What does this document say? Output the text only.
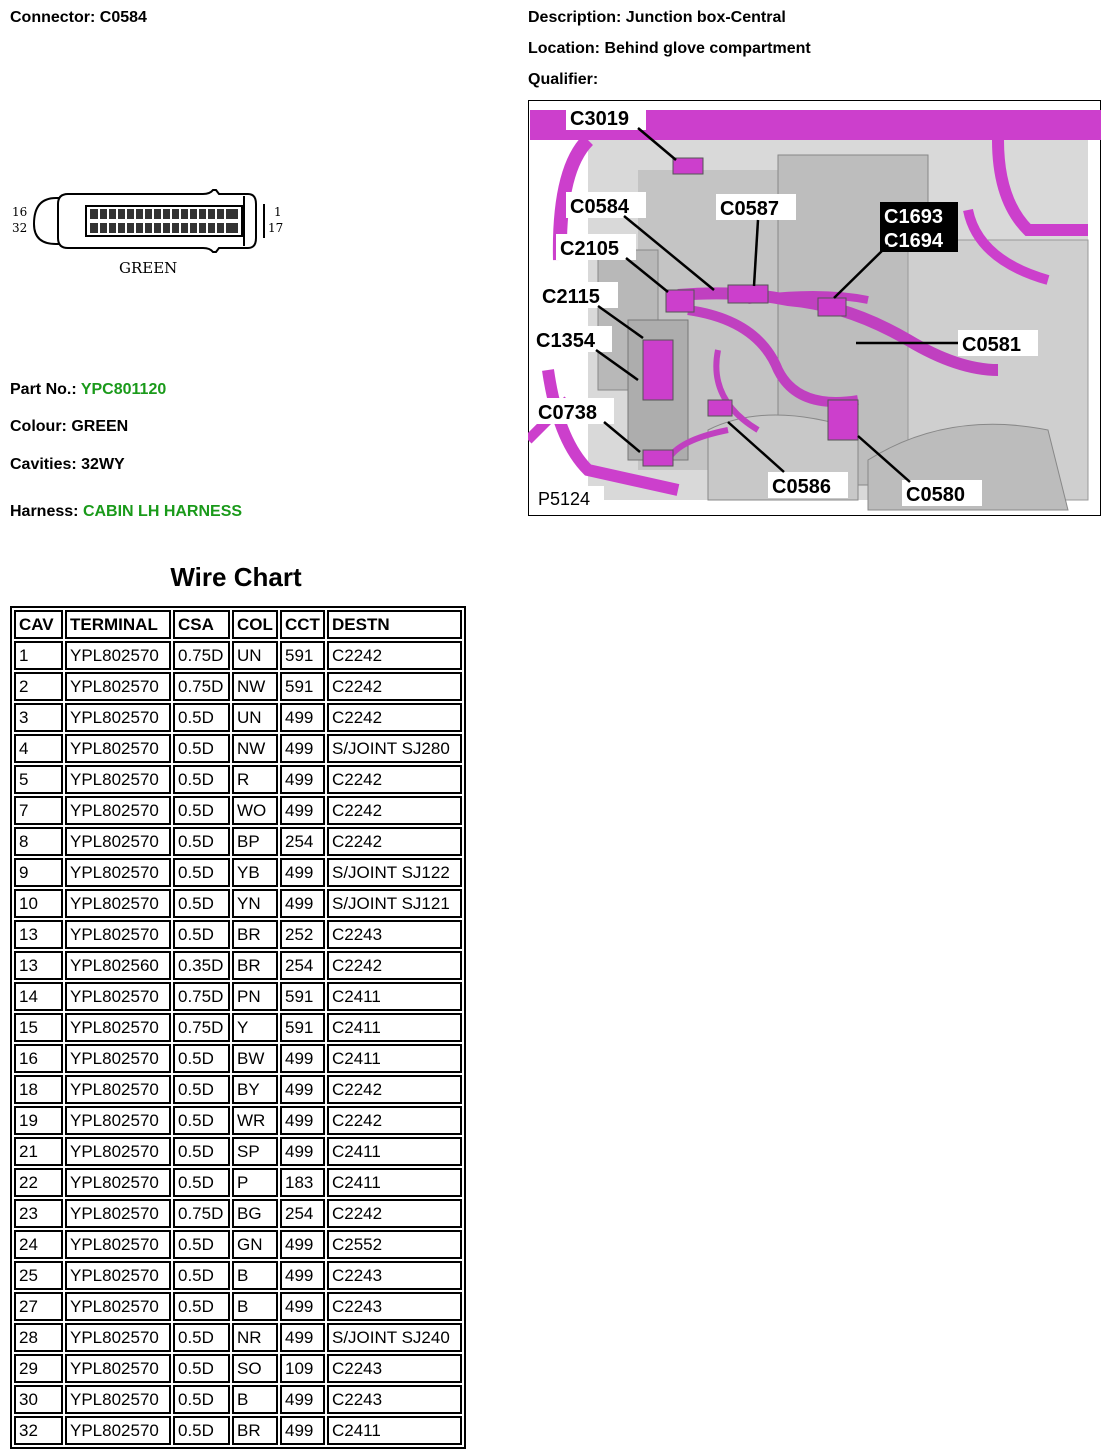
Connector: C0584	Description: Junction box-Central
Location: Behind glove compartment
Qualifier:
16
32
1
17
GREEN
Part No.: YPC801120
Colour: GREEN
Cavities: 32WY
Harness: CABIN LH HARNESS
C3019
C0584	C0587	C1693
C1694
C2105
C2115
C1354	C0581
C0738
C0586	C0580
P5124
Wire Chart
CAV	TERMINAL	CSA	COL	CCT	DESTN
1	YPL802570	0.75D	UN	591	C2242
2	YPL802570	0.75D	NW	591	C2242
3	YPL802570	0.5D	UN	499	C2242
4	YPL802570	0.5D	NW	499	S/JOINT SJ280
5	YPL802570	0.5D	R	499	C2242
7	YPL802570	0.5D	WO	499	C2242
8	YPL802570	0.5D	BP	254	C2242
9	YPL802570	0.5D	YB	499	S/JOINT SJ122
10	YPL802570	0.5D	YN	499	S/JOINT SJ121
13	YPL802570	0.5D	BR	252	C2243
13	YPL802560	0.35D	BR	254	C2242
14	YPL802570	0.75D	PN	591	C2411
15	YPL802570	0.75D	Y	591	C2411
16	YPL802570	0.5D	BW	499	C2411
18	YPL802570	0.5D	BY	499	C2242
19	YPL802570	0.5D	WR	499	C2242
21	YPL802570	0.5D	SP	499	C2411
22	YPL802570	0.5D	P	183	C2411
23	YPL802570	0.75D	BG	254	C2242
24	YPL802570	0.5D	GN	499	C2552
25	YPL802570	0.5D	B	499	C2243
27	YPL802570	0.5D	B	499	C2243
28	YPL802570	0.5D	NR	499	S/JOINT SJ240
29	YPL802570	0.5D	SO	109	C2243
30	YPL802570	0.5D	B	499	C2243
32	YPL802570	0.5D	BR	499	C2411
